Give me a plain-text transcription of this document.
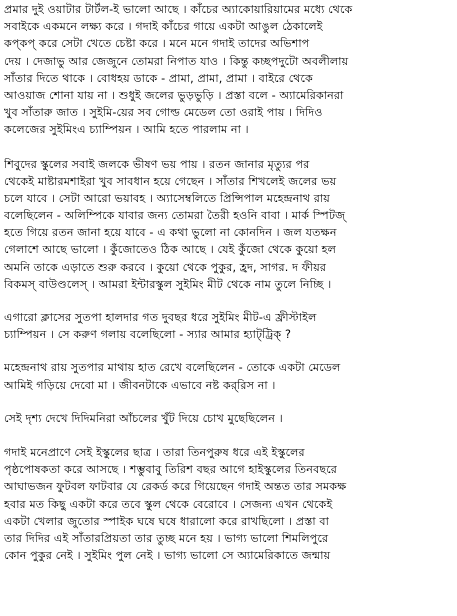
প্রমার দুই ওয়াটার টার্টল-ই ভালো আছে । কাঁচের অ্যাকোয়ারিয়ামের মধ্যে থেকে
সবাইকে একমনে লক্ষ্য করে । গদাই কাঁচের গায়ে একটা আঙুল ঠেকালেই
কপ্‌কপ্‌ করে সেটা খেতে চেষ্টা করে । মনে মনে গদাই তাদের অভিশাপ
দেয় । দেজাভু আর জেজুনে তোমরা নিপাত যাও । কিন্তু কচ্ছপদুটো অবলীলায়
সাঁতার দিতে থাকে । বোধহয় ডাকে - প্রামা, প্রামা, প্রামা । বাইরে থেকে
আওয়াজ শোনা যায় না । শুধুই জলের ভুড়ভুড়ি । প্রস্তা বলে - অ্যামেরিকানরা
খুব সাঁতারু জাত । সুইমি-য়ের সব গোল্ড মেডেল তো ওরাই পায় । দিদিও
কলেজের সুইমিংএ চ্যাম্পিয়ন । আমি হতে পারলাম না ।
শিবুদের স্কুলের সবাই জলকে ভীষণ ভয় পায় । রতন জানার মৃত্যুর পর
থেকেই মাষ্টারমশাইরা খুব সাবধান হয়ে গেছেন । সাঁতার শিখলেই জলের ভয়
চলে যাবে । সেটা আরো ভয়াবহ । অ্যাসেম্বলিতে প্রিন্সিপাল মহেন্দ্রনাথ রায়
বলেছিলেন - অলিম্পিকে যাবার জন্য তোমরা তৈরী হওনি বাবা । মার্ক স্পিটজ্‌
হতে গিয়ে রতন জানা হয়ে যাবে - এ কথা ভুলো না কোনদিন । জল যতক্ষন
গেলাশে আছে ভালো । কুঁজোতেও ঠিক আছে । যেই কুঁজো থেকে কুয়ো হল
অমনি তাকে এড়াতে শুরু করবে । কুয়ো থেকে পুকুর, হ্রদ, সাগর. দ ফীয়র
বিকমস্‌ বাউণ্ডলেস্‌ । আমরা ইন্টারস্কুল সুইমিং মীট থেকে নাম তুলে নিচ্ছি ।
এগারো ক্লাসের সুতপা হালদার গত দুবছর ধরে সুইমিং মীট-এ ফ্রীস্টাইল
চ্যাম্পিয়ন । সে করুণ গলায় বলেছিলো - স্যার আমার হ্যাট্‌ট্রিক্‌ ?
মহেন্দ্রনাথ রায় সুতপার মাথায় হাত রেখে বলেছিলেন - তোকে একটা মেডেল
আমিই গড়িয়ে দেবো মা । জীবনটাকে এভাবে নষ্ট কর্‌রিস না ।
সেই দৃশ্য দেখে দিদিমনিরা আঁচলের খুঁট দিয়ে চোখ মুছেছিলেন ।
গদাই মনেপ্রাণে সেই ইস্কুলের ছাত্র । তারা তিনপুরুষ ধরে এই ইস্কুলের
পৃষ্ঠপোষকতা করে আসছে । শম্ভুবাবু তিরিশ বছর আগে হাইস্কুলের তিনবছরে
আঘাভজন ফুটবল ফাটবার যে রেকর্ড করে গিয়েছেন গদাই অন্তত তার সমকক্ষ
হবার মত কিছু একটা করে তবে স্কুল থেকে বেরোবে । সেজন্য এখন থেকেই
একটা খেলার জুতোর স্পাইক ঘষে ঘষে ধারালো করে রাখছিলো । প্রস্তা বা
তার দিদির এই সাঁতারপ্রিয়তা তার তুচ্ছ মনে হয় । ভাগ্য ভালো শিমলিপুরে
কোন পুকুর নেই । সুইমিং পুল নেই । ভাগ্য ভালো সে অ্যামেরিকাতে জন্মায়
